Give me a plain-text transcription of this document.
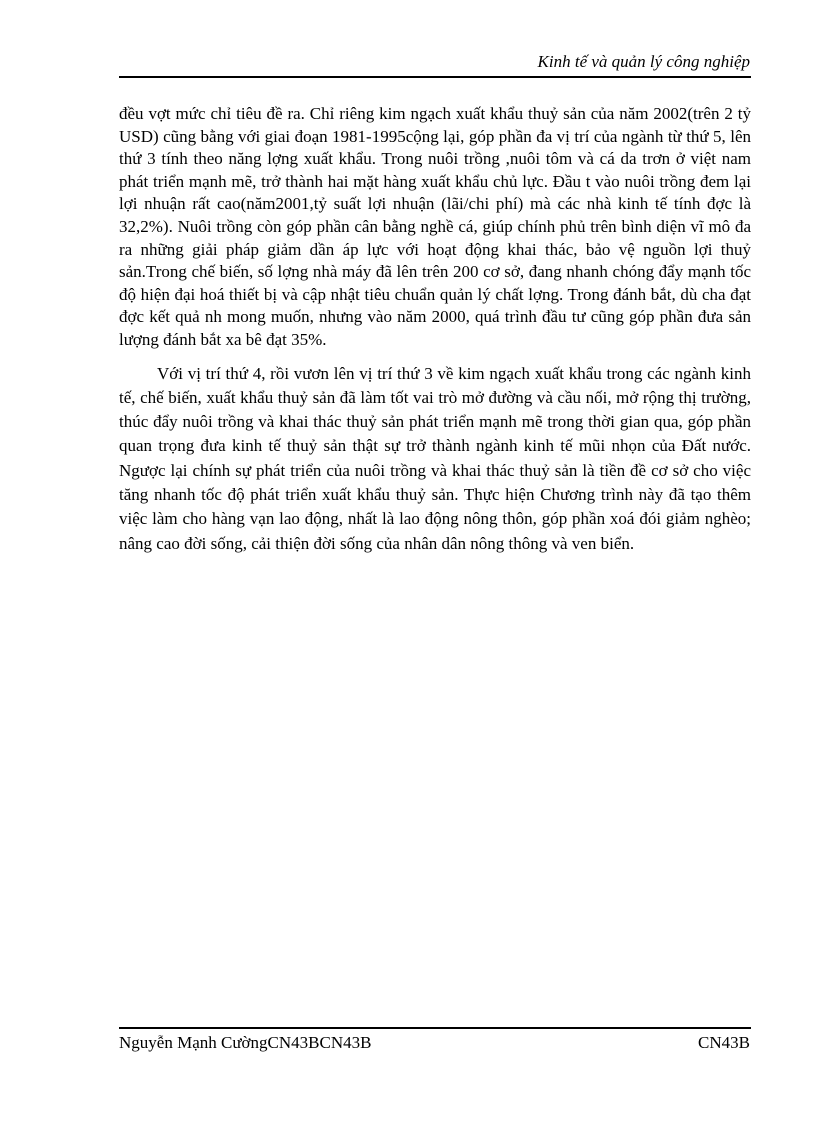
Kinh tế và quản lý công nghiệp

đều vợt mức chỉ tiêu đề ra. Chỉ riêng kim ngạch xuất khẩu thuỷ sản của năm 2002(trên 2 tỷ USD) cũng bằng với giai đoạn 1981-1995cộng lại, góp phần đa vị trí của ngành từ thứ 5, lên thứ 3 tính theo năng lợng xuất khẩu. Trong nuôi trồng ,nuôi tôm và cá da trơn ở việt nam phát triển mạnh mẽ, trở thành hai mặt hàng xuất khẩu chủ lực. Đầu t vào nuôi trồng đem lại lợi nhuận rất cao(năm2001,tỷ suất lợi nhuận (lãi/chi phí) mà các nhà kinh tế tính đợc là 32,2%). Nuôi trồng còn góp phần cân bằng nghề cá, giúp chính phủ trên bình diện vĩ mô đa ra những giải pháp giảm dần áp lực với hoạt động khai thác, bảo vệ nguồn lợi thuỷ sản.Trong chế biến, số lợng nhà máy đã lên trên 200 cơ sở, đang nhanh chóng đẩy mạnh tốc độ hiện đại hoá thiết bị và cập nhật tiêu chuẩn quản lý chất lợng. Trong đánh bắt, dù cha đạt đợc kết quả nh mong muốn, nhưng vào năm 2000, quá trình đầu tư cũng góp phần đưa sản lượng đánh bắt xa bê đạt 35%.

Với vị trí thứ 4, rồi vươn lên vị trí thứ 3 về kim ngạch xuất khẩu trong các ngành kinh tế, chế biến, xuất khẩu thuỷ sản đã làm tốt vai trò mở đường và cầu nối, mở rộng thị trường, thúc đẩy nuôi trồng và khai thác thuỷ sản phát triển mạnh mẽ trong thời gian qua, góp phần quan trọng đưa kinh tế thuỷ sản thật sự trở thành ngành kinh tế mũi nhọn của Đất nước. Ngược lại chính sự phát triển của nuôi trồng và khai thác thuỷ sản là tiền đề cơ sở cho việc tăng nhanh tốc độ phát triển xuất khẩu thuỷ sản. Thực hiện Chương trình này đã tạo thêm việc làm cho hàng vạn lao động, nhất là lao động nông thôn, góp phần xoá đói giảm nghèo; nâng cao đời sống, cải thiện đời sống của nhân dân nông thông và ven biển.

Nguyễn Mạnh CườngCN43BCN43B	CN43B
